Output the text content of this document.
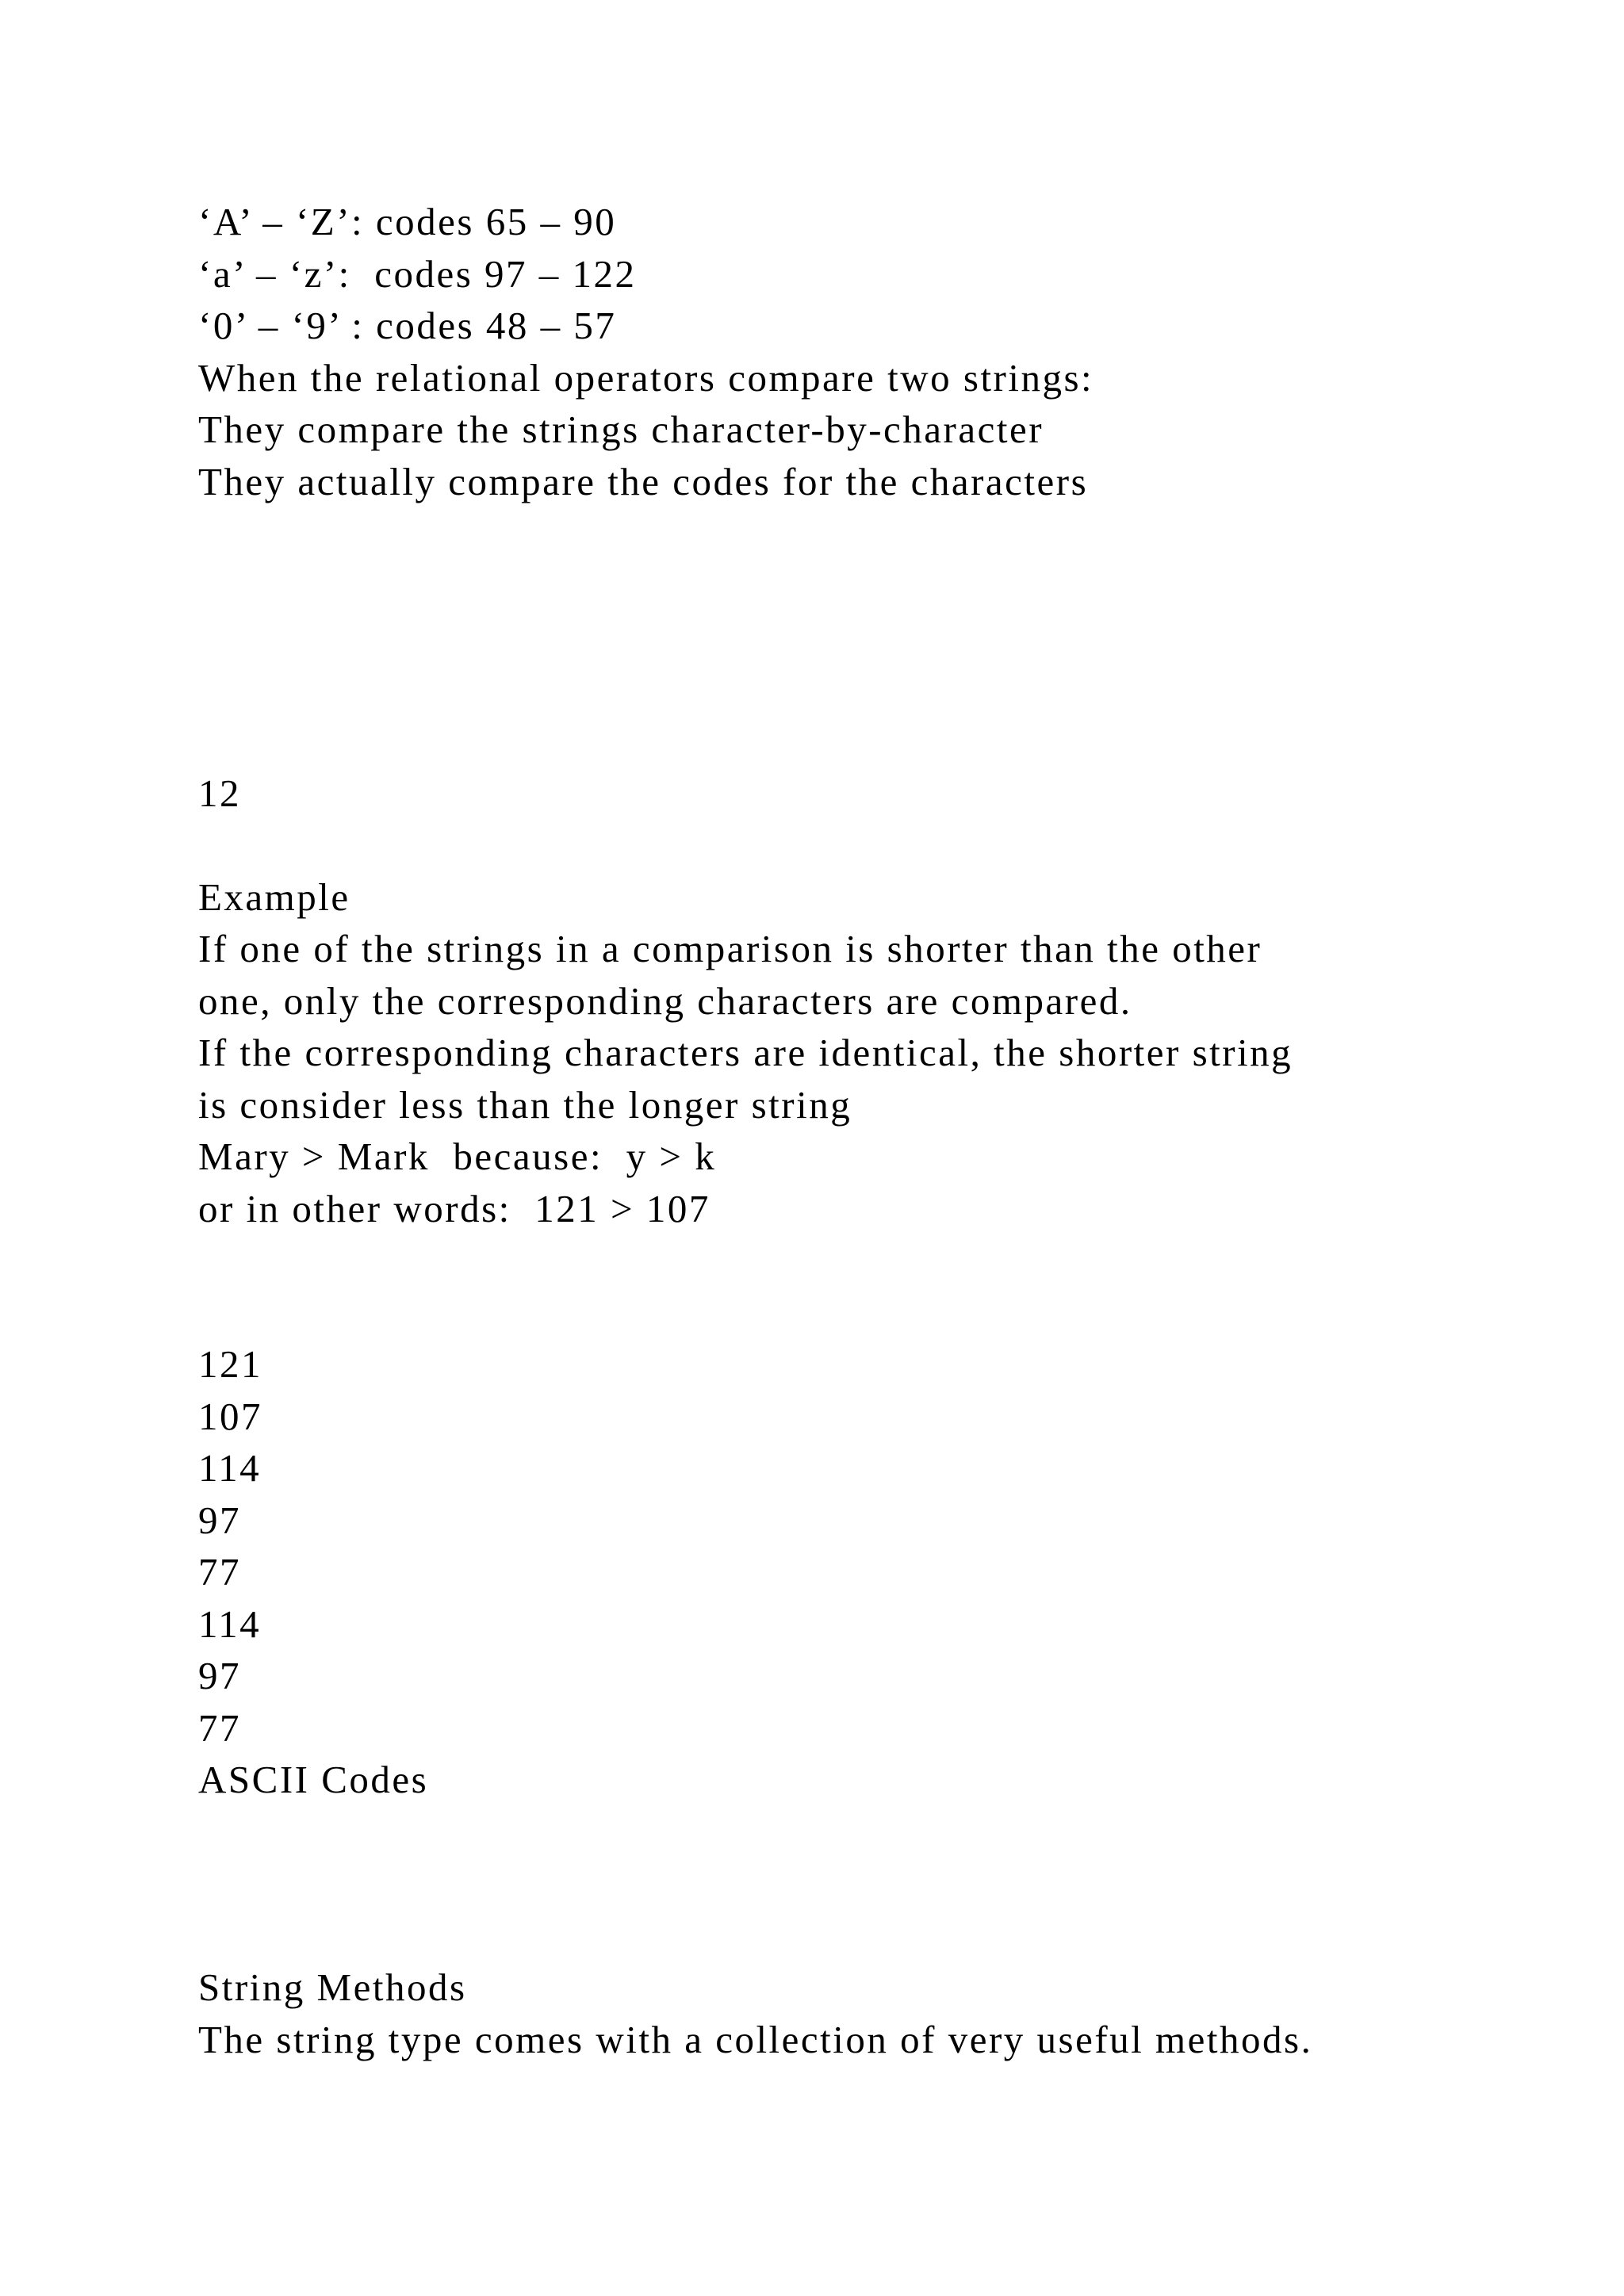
‘A’ – ‘Z’: codes 65 – 90

‘a’ – ‘z’:  codes 97 – 122

‘0’ – ‘9’ : codes 48 – 57

When the relational operators compare two strings:

They compare the strings character-by-character

They actually compare the codes for the characters

12

Example

If one of the strings in a comparison is shorter than the other

one, only the corresponding characters are compared.

If the corresponding characters are identical, the shorter string

is consider less than the longer string

Mary > Mark  because:  y > k

or in other words:  121 > 107

121

107

114

97

77

114

97

77

ASCII Codes

String Methods

The string type comes with a collection of very useful methods.
